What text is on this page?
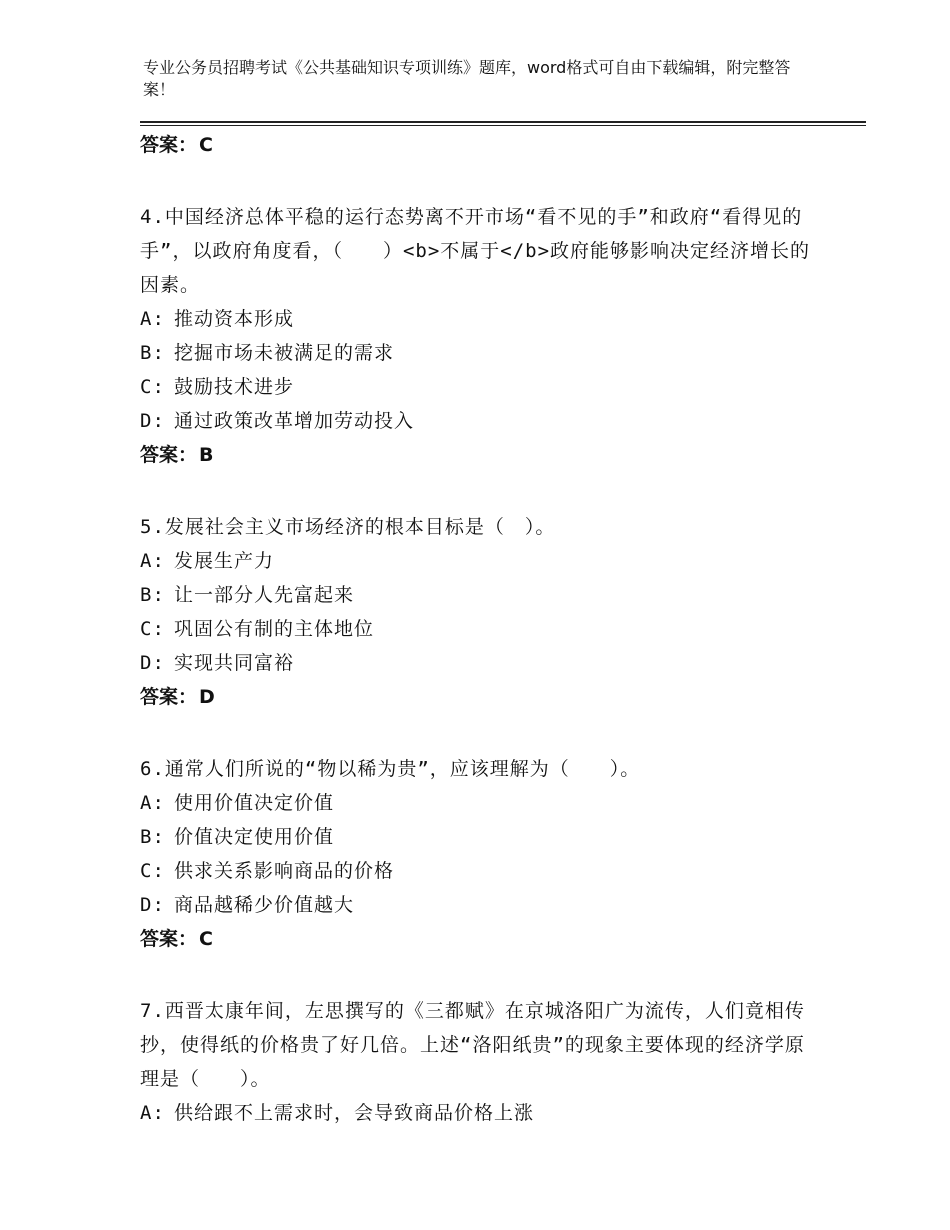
专业公务员招聘考试《公共基础知识专项训练》题库，word格式可自由下载编辑，附完整答案！
答案： C
4.中国经济总体平稳的运行态势离不开市场“看不见的手”和政府“看得见的手”，以政府角度看，（　　）<b>不属于</b>政府能够影响决定经济增长的因素。
A: 推动资本形成
B: 挖掘市场未被满足的需求
C: 鼓励技术进步
D: 通过政策改革增加劳动投入
答案： B
5.发展社会主义市场经济的根本目标是（　）。
A: 发展生产力
B: 让一部分人先富起来
C: 巩固公有制的主体地位
D: 实现共同富裕
答案： D
6.通常人们所说的“物以稀为贵”，应该理解为（　　）。
A: 使用价值决定价值
B: 价值决定使用价值
C: 供求关系影响商品的价格
D: 商品越稀少价值越大
答案： C
7.西晋太康年间，左思撰写的《三都赋》在京城洛阳广为流传，人们竟相传抄，使得纸的价格贵了好几倍。上述“洛阳纸贵”的现象主要体现的经济学原理是（　　）。
A: 供给跟不上需求时，会导致商品价格上涨
